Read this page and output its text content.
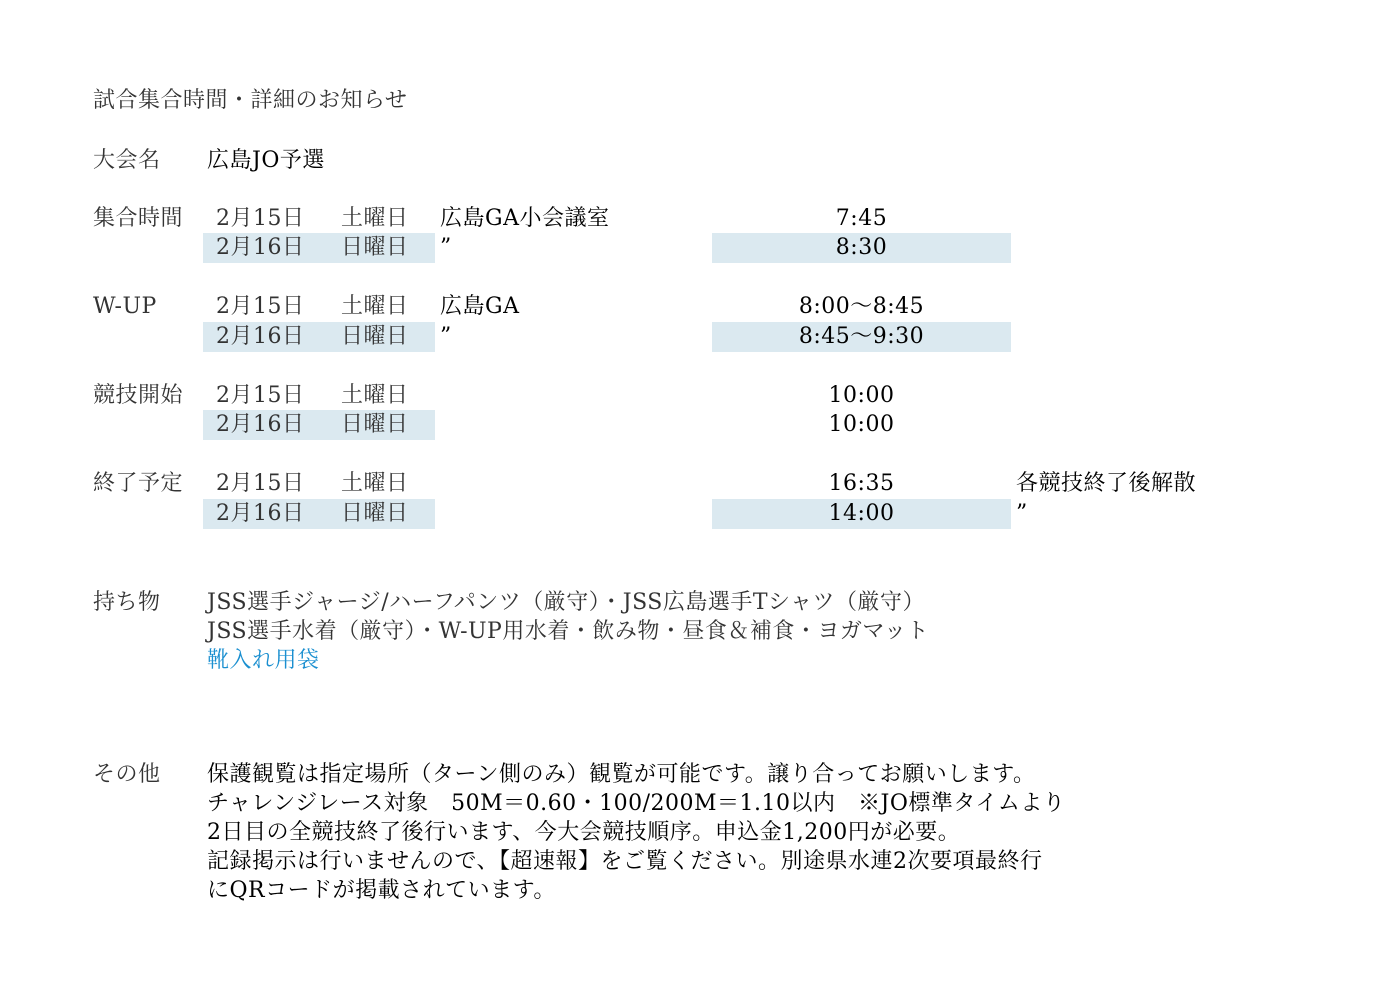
試合集合時間・詳細のお知らせ
大会名 広島JO予選
集合時間 2月15日 土曜日 広島GA小会議室	7:45
2月16日 日曜日 ”	8:30
W-UP	2月15日 土曜日 広島GA	8:00〜8:45
2月16日 日曜日 ”	8:45〜9:30
競技開始 2月15日 土曜日	10:00
2月16日 日曜日	10:00
終了予定 2月15日 土曜日	16:35	各競技終了後解散
2月16日 日曜日	14:00	”
持ち物 JSS選手ジャージ/ハーフパンツ（厳守）・JSS広島選手Tシャツ（厳守）
JSS選手水着（厳守）・W-UP用水着・飲み物・昼食＆補食・ヨガマット
靴入れ用袋
その他 保護観覧は指定場所（ターン側のみ）観覧が可能です。譲り合ってお願いします。
チャレンジレース対象　50M＝0.60・100/200M＝1.10以内　※JO標準タイムより
2日目の全競技終了後行います、今大会競技順序。申込金1,200円が必要。
記録掲示は行いませんので、【超速報】をご覧ください。別途県水連2次要項最終行
にQRコードが掲載されています。
